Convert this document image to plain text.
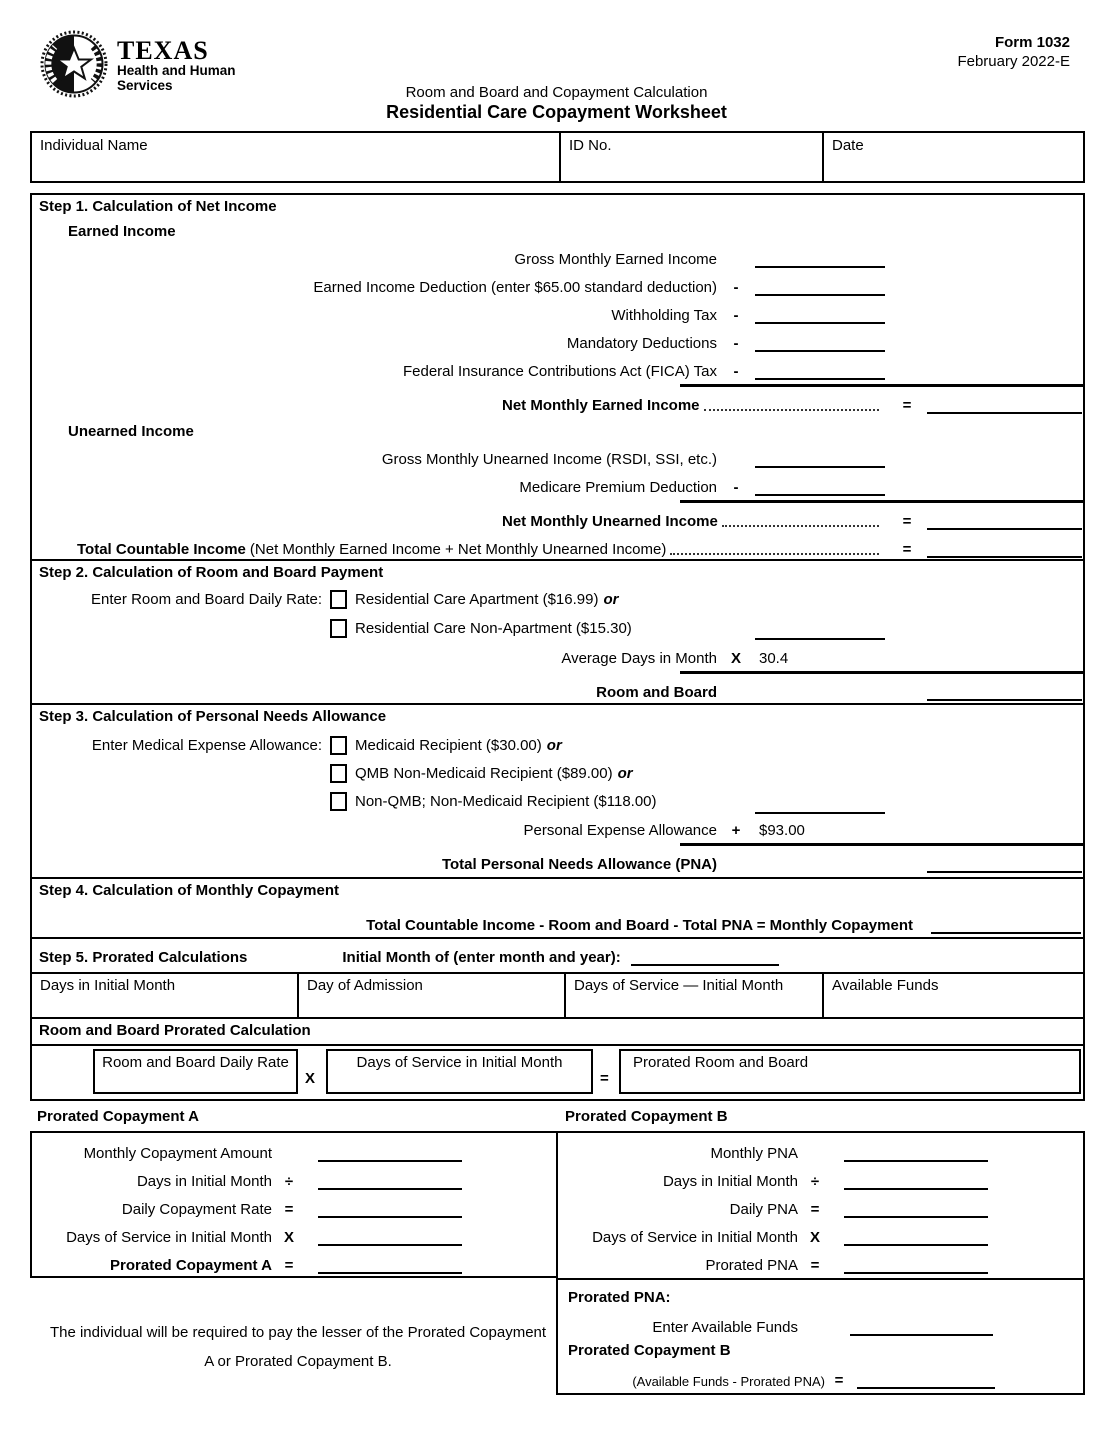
TEXAS
Health and Human
Services
Form 1032
February 2022-E
Room and Board and Copayment Calculation
Residential Care Copayment Worksheet
Individual Name	ID No.	Date
Step 1. Calculation of Net Income
Earned Income
Gross Monthly Earned Income
Earned Income Deduction (enter $65.00 standard deduction)	-
Withholding Tax	-
Mandatory Deductions	-
Federal Insurance Contributions Act (FICA) Tax	-
Net Monthly Earned Income	=
Unearned Income
Gross Monthly Unearned Income (RSDI, SSI, etc.)
Medicare Premium Deduction	-
Net Monthly Unearned Income	=
Total Countable Income (Net Monthly Earned Income + Net Monthly Unearned Income)	=
Step 2. Calculation of Room and Board Payment
Enter Room and Board Daily Rate:	Residential Care Apartment ($16.99) or
Residential Care Non-Apartment ($15.30)
Average Days in Month X	30.4
Room and Board
Step 3. Calculation of Personal Needs Allowance
Enter Medical Expense Allowance:	Medicaid Recipient ($30.00) or
QMB Non-Medicaid Recipient ($89.00) or
Non-QMB; Non-Medicaid Recipient ($118.00)
Personal Expense Allowance +	$93.00
Total Personal Needs Allowance (PNA)
Step 4. Calculation of Monthly Copayment
Total Countable Income - Room and Board - Total PNA = Monthly Copayment
Step 5. Prorated Calculations	Initial Month of (enter month and year):
Days in Initial Month	Day of Admission	Days of Service — Initial Month	Available Funds
Room and Board Prorated Calculation
Room and Board Daily Rate
X
Days of Service in Initial Month
=
Prorated Room and Board
Prorated Copayment A	Prorated Copayment B
Monthly Copayment Amount
Days in Initial Month ÷
Daily Copayment Rate =
Days of Service in Initial Month X
Prorated Copayment A =
Monthly PNA
Days in Initial Month ÷
Daily PNA =
Days of Service in Initial Month X
Prorated PNA =
The individual will be required to pay the lesser of the Prorated Copayment A or Prorated Copayment B.
Prorated PNA:
Enter Available Funds
Prorated Copayment B
(Available Funds - Prorated PNA) =
